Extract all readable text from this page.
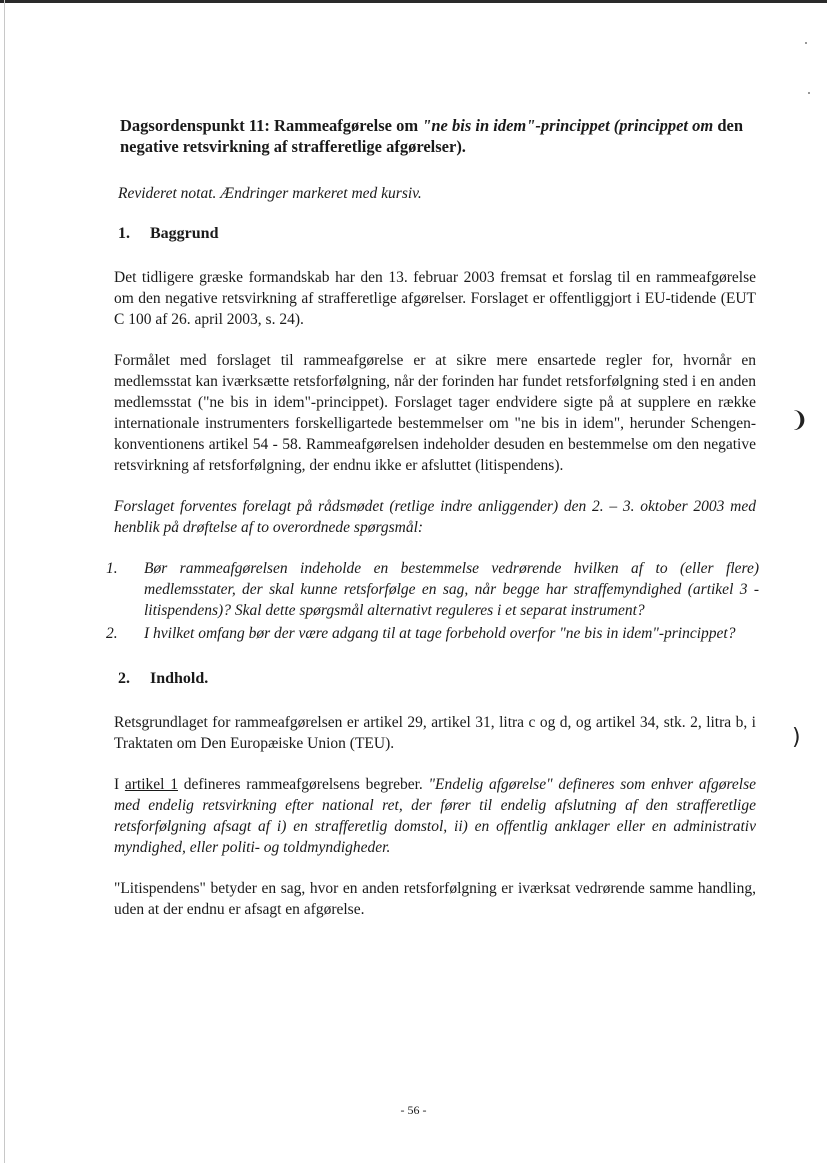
Dagsordenspunkt 11: Rammeafgørelse om "ne bis in idem"-princippet (princippet om den negative retsvirkning af strafferetlige afgørelser).
Revideret notat. Ændringer markeret med kursiv.
1. Baggrund

Det tidligere græske formandskab har den 13. februar 2003 fremsat et forslag til en rammeafgørelse om den negative retsvirkning af strafferetlige afgørelser. Forslaget er offentliggjort i EU-tidende (EUT C 100 af 26. april 2003, s. 24).

Formålet med forslaget til rammeafgørelse er at sikre mere ensartede regler for, hvornår en medlemsstat kan iværksætte retsforfølgning, når der forinden har fundet retsforfølgning sted i en anden medlemsstat ("ne bis in idem"-princippet). Forslaget tager endvidere sigte på at supplere en række internationale instrumenters forskelligartede bestemmelser om "ne bis in idem", herunder Schengen-konventionens artikel 54 - 58. Rammeafgørelsen indeholder desuden en bestemmelse om den negative retsvirkning af retsforfølgning, der endnu ikke er afsluttet (litispendens).

Forslaget forventes forelagt på rådsmødet (retlige indre anliggender) den 2. – 3. oktober 2003 med henblik på drøftelse af to overordnede spørgsmål:

1. Bør rammeafgørelsen indeholde en bestemmelse vedrørende hvilken af to (eller flere) medlemsstater, der skal kunne retsforfølge en sag, når begge har straffemyndighed (artikel 3 - litispendens)? Skal dette spørgsmål alternativt reguleres i et separat instrument?
2. I hvilket omfang bør der være adgang til at tage forbehold overfor "ne bis in idem"-princippet?
2. Indhold.

Retsgrundlaget for rammeafgørelsen er artikel 29, artikel 31, litra c og d, og artikel 34, stk. 2, litra b, i Traktaten om Den Europæiske Union (TEU).

I artikel 1 defineres rammeafgørelsens begreber. "Endelig afgørelse" defineres som enhver afgørelse med endelig retsvirkning efter national ret, der fører til endelig afslutning af den strafferetlige retsforfølgning afsagt af i) en strafferetlig domstol, ii) en offentlig anklager eller en administrativ myndighed, eller politi- og toldmyndigheder.

"Litispendens" betyder en sag, hvor en anden retsforfølgning er iværksat vedrørende samme handling, uden at der endnu er afsagt en afgørelse.

❩
)
- 56 -
